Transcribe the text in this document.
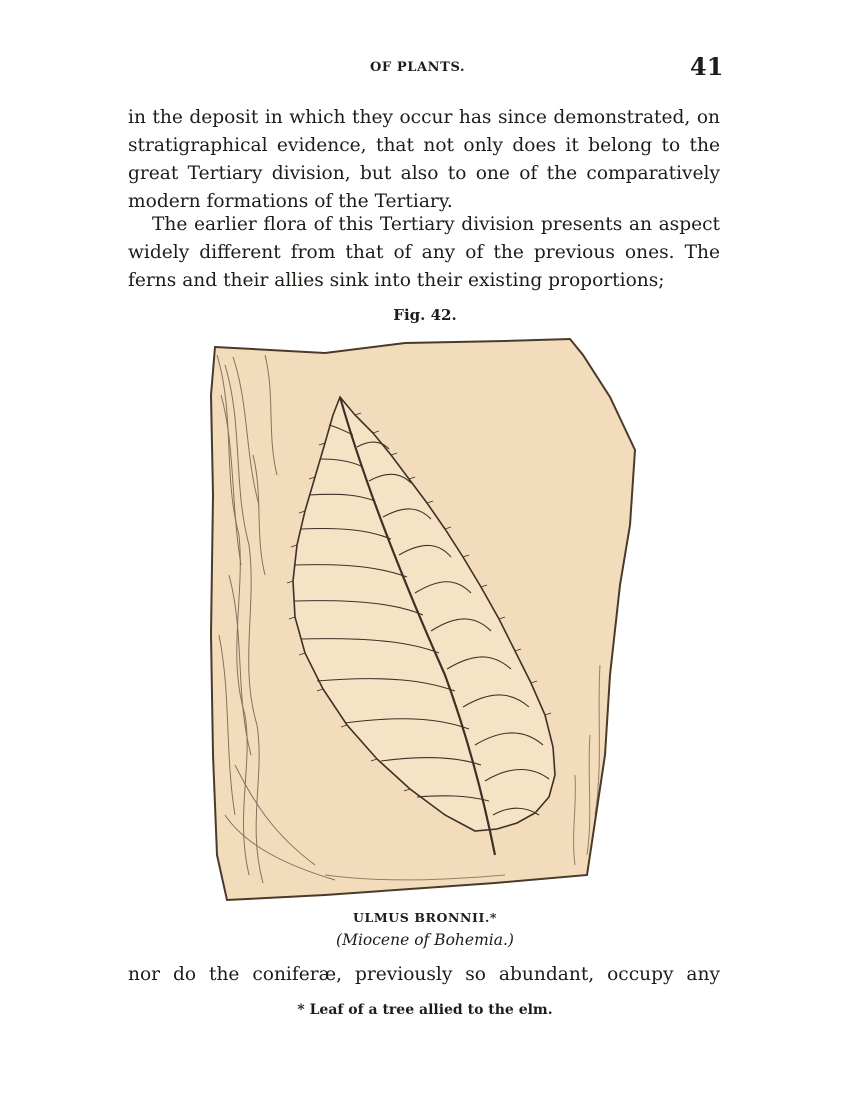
OF PLANTS.	41

in the deposit in which they occur has since demonstrated, on stratigraphical evidence, that not only does it belong to the great Tertiary division, but also to one of the comparatively modern formations of the Tertiary.

The earlier flora of this Tertiary division presents an aspect widely different from that of any of the previous ones. The ferns and their allies sink into their existing proportions;

Fig. 42.
ULMUS BRONNII.*
(Miocene of Bohemia.)

nor do the coniferæ, previously so abundant, occupy any

* Leaf of a tree allied to the elm.
